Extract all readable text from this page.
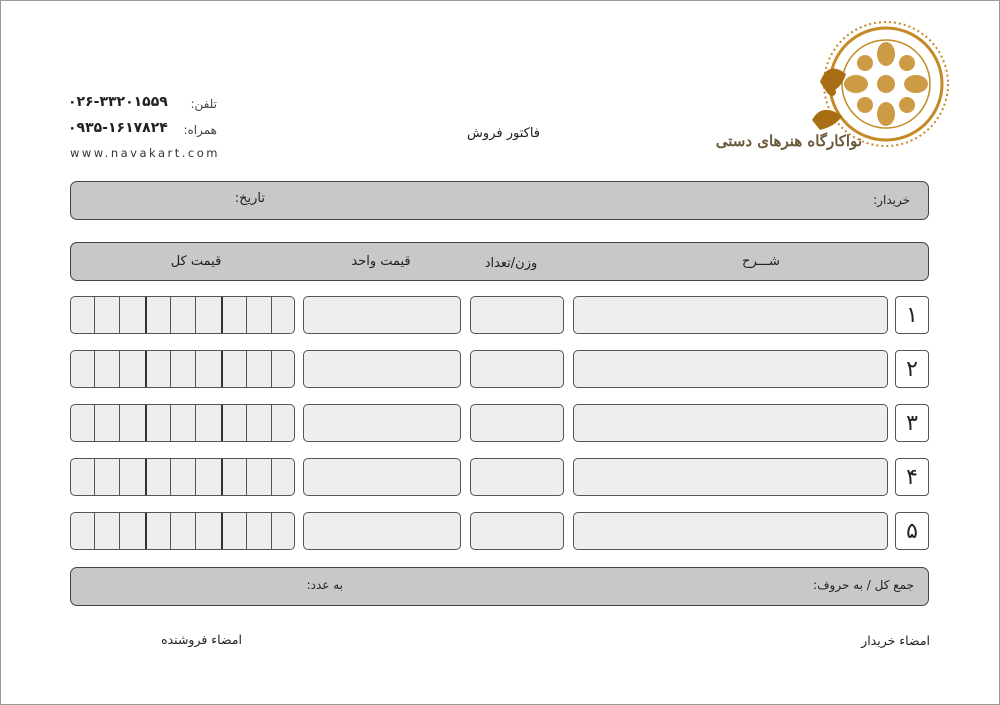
تلفن:
۰۲۶-۳۳۲۰۱۵۵۹
همراه:
۰۹۳۵-۱۶۱۷۸۲۴
www.navakart.com
فاکتور فروش	نواکارگاه هنرهای دستی
خریدار:
تاریخ:
شـــرح
وزن/تعداد
قیمت واحد
قیمت کل
۱
۲
۳
۴
۵
جمع کل / به حروف:
به عدد:
امضاء خریدار
امضاء فروشنده
